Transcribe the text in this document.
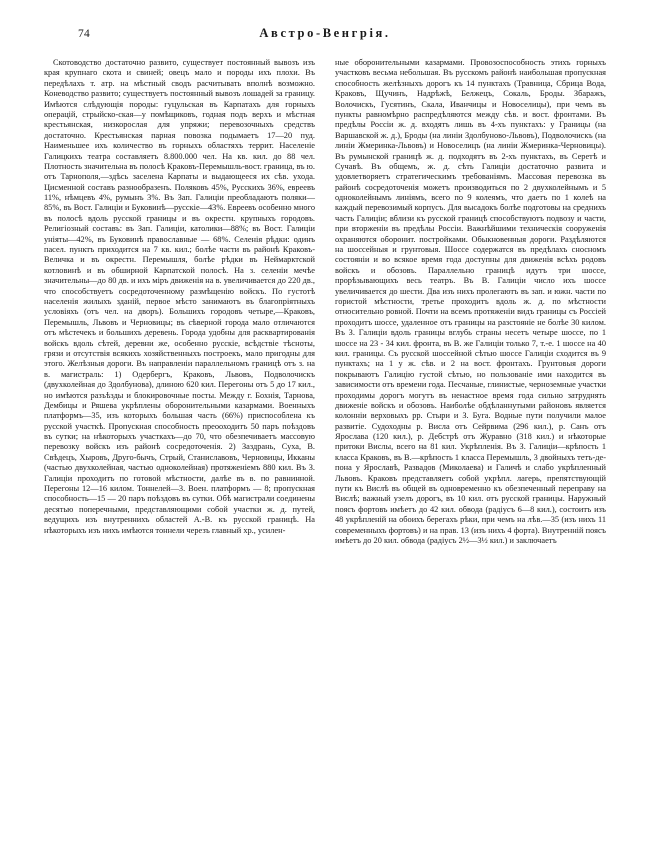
74	Австро-Венгрія.

Скотоводство достаточно развито, существует постоянный вывозъ изъ края крупнаго скота и свиней; овецъ мало и породы ихъ плохи. Въ передѣлахъ т. атр. на мѣстный сводъ расчитывать вполнѣ возможно. Коневодство развито; существуетъ постоянный вывозъ лошадей за границу. Имѣются слѣдующія породы: гуцульская въ Карпатахъ для горныхъ операцій, стрыйско-ская—у помѣщиковъ, годная подъ верхъ и мѣстная крестьянская, низкорослая для упряжи; перевозочныхъ средствъ достаточно. Крестьянская парная повозка подымаетъ 17—20 пуд. Наименьшее ихъ количество въ горныхъ областяхъ террит. Населеніе Галицкихъ театра составляетъ 8.800.000 чел. На кв. кил. до 88 чел. Плотность значительна въ полосѣ Краковъ-Перемышль-вост. граница, въ ю. отъ Тарнополя,—здѣсь заселена Карпаты и выдающееся их сѣв. ухода. Цисменной составъ разнообразенъ. Поляковъ 45%, Русскихъ 36%, евреевъ 11%, нѣмцевъ 4%, румынъ 3%. Въ Зап. Галиціи преобладаютъ поляки—85%, въ Вост. Галиціи и Буковинѣ—русскіе—43%. Евреевъ особенно много въ полосѣ вдоль русской границы и въ окрестн. крупныхъ городовъ. Религіозный составъ: въ Зап. Галиціи, католики—88%; въ Вост. Галиціи уніяты—42%, въ Буковинѣ православные — 68%. Селенія рѣдки: одинъ пасел. пунктъ приходится на 7 кв. кил.; болѣе части въ районѣ Краковъ-Величка и въ окрестн. Перемышля, болѣе рѣдки въ Неймарктской котловинѣ и въ обширной Карпатской полосѣ. На з. селеніи мечѣе значительны—до 80 дв. и ихъ міръ движенія на в. увеличивается до 220 дв., что способствуетъ сосредоточенному размѣщенію войскъ. По густотѣ населенія жилыхъ зданій, первое мѣсто занимаютъ въ благопріятныхъ условіяхъ (отъ чел. на дворъ). Большихъ городовъ четыре,—Краковъ, Перемышль, Львовъ и Черновицы; въ сѣверной города мало отличаются отъ мѣстечекъ и большихъ деревень. Города удобны для расквартированія войскъ вдоль сѣтей, деревни же, особенно русскіе, всѣдствіе тѣсноты, грязи и отсутствія всякихъ хозяйственныхъ построекъ, мало пригодны для этого. Желѣзныя дороги. Въ направленіи параллельномъ границѣ отъ з. на в. магистраль: 1) Одербергъ, Краковъ, Львовъ, Подволочискъ (двухколейная до Здолбунова), длиною 620 кил. Перегоны отъ 5 до 17 кил., но имѣются разъѣзды и блокировочные посты. Между г. Бохнія, Тарнова, Дембицы и Ряшева укрѣплены оборонительными казармами. Военныхъ платформъ—35, изъ которыхъ большая часть (66%) приспособлена къ русской участкѣ. Пропускная способность преооходитъ 50 паръ поѣздовъ въ сутки; на нѣкоторыхъ участкахъ—до 70, что обезпечиваетъ массовую перевозку войскъ изъ районѣ сосредоточенія. 2) Заздрань, Суха, В. Свѣдецъ, Хыровъ, Друго-бычъ, Стрый, Станиславовъ, Черновицы, Икканы (частью двухколейная, частью одноколейная) протяженіемъ 880 кил. Въ З. Галиціи проходитъ по готовой мѣстности, далѣе въ в. по равнинной. Перегоны 12—16 килом. Тоннелей—3. Воен. платформъ — 8; пропускная способность—15 — 20 паръ поѣздовъ въ сутки. Обѣ магистрали соединены десятью поперечными, представляющими собой участки ж. д. путей, ведущихъ изъ внутреннихъ областей А.-В. къ русской границѣ. На нѣкоторыхъ изъ нихъ имѣются тоннели черезъ главный хр., усилен-

ные оборонительными казармами. Провозоспособность этихъ горныхъ участковъ весьма небольшая. Въ русскомъ районѣ наибольшая пропускная способность желѣзныхъ дорогъ къ 14 пунктахъ (Травница, Сбрица Вода, Краковъ, Щучинъ, Надрѣжѣ, Белжецъ, Сокаль, Броды. Збаражъ, Волочискъ, Гусятинъ, Скала, Иванчицы и Новоселицы), при чемъ въ пункты равномѣрно распредѣляются между сѣв. и вост. фронтами. Въ предѣлы Россіи ж. д. входятъ лишь въ 4-хъ пунктахъ: у Границы (на Варшавской ж. д.), Броды (на линіи Здолбуново-Львовъ), Подволочискъ (на линіи Жмеринка-Львовъ) и Новоселицъ (на линіи Жмеринка-Черновицы). Въ румынской границѣ ж. д. подходятъ въ 2-хъ пунктахъ, въ Серетѣ и Сучавѣ. Въ общемъ, ж. д. сѣть Галиціи достаточно развита и удовлетворяетъ стратегическимъ требованіямъ. Массовая перевозка въ районѣ сосредоточенія можетъ производиться по 2 двухколейнымъ и 5 одноколейнымъ линіямъ, всего по 9 колеямъ, что даетъ по 1 колеѣ на каждый перевозимый корпусъ. Для высадокъ болѣе подготовы на среднихъ часть Галиціи; вблизи къ русской границѣ способствуютъ подвозу и части, при вторженіи въ предѣлы Россіи. Важнѣйшими техническія сооруженія охраняются оборонит. постройками. Обыкновенныя дороги. Раздѣляются на шоссейныя и грунтовыя. Шоссе содержатся въ предѣлахъ сносномъ состояніи и во всякое время года доступны для движенія всѣхъ родовъ войскъ и обозовъ. Параллельно границѣ идутъ три шоссе, прорѣзывающихъ весь театръ. Въ В. Галиціи число ихъ шоссе увеличивается до шести. Два изъ нихъ пролегаютъ въ зап. и южн. части по гористой мѣстности, третье проходитъ вдоль ж. д. по мѣстности относительно ровной. Почти на всемъ протяженіи видъ границы съ Россіей проходитъ шоссе, удаленное отъ границы на разстояніе не болѣе 30 килом. Въ З. Галиціи вдоль границы вглубь страны несетъ четыре шоссе, по 1 шоссе на 23 - 34 кил. фронта, въ В. же Галиціи только 7, т.-е. 1 шоссе на 40 кил. границы. Съ русской шоссейной сѣтью шоссе Галиціи сходится въ 9 пунктахъ; на 1 у ж. сѣв. и 2 на вост. фронтахъ. Грунтовыя дороги покрываютъ Галицію густой сѣтью, но пользованіе ими находится въ зависимости отъ времени года. Песчаные, глинистые, черноземные участки проходимы дорогъ могутъ въ ненастное время года сильно затруднять движеніе войскъ и обозовъ. Наиболѣе обдѣланнутыми районовъ является колонніи верховыхъ рр. Стыри и З. Буга. Водные пути получили малое развитіе. Судоходны р. Висла отъ Сейрвима (296 кил.), р. Санъ отъ Ярослава (120 кил.), р. Дебстрѣ отъ Журавно (318 кил.) и нѣкоторые притоки Вислы, всего на 81 кил. Укрѣпленія. Въ З. Галиціи—крѣпость 1 класса Краковъ, въ В.—крѣпость 1 класса Перемышль, 3 двойныхъ тетъ-де-пона у Ярославѣ, Развадов (Миколаева) и Галичѣ и слабо укрѣпленный Львовъ. Краковъ представляетъ собой укрѣпл. лагерь, препятствующій пути къ Вислѣ въ общей въ одновременно къ обезпеченный переправу на Вислѣ; важный узелъ дорогъ, въ 10 кил. отъ русской границы. Наружный поясъ фортовъ имѣетъ до 42 кил. обвода (радіусъ 6—8 кил.), состоитъ изъ 48 укрѣпленій на обоихъ берегахъ рѣки, при чемъ на лѣв.—35 (изъ нихъ 11 современныхъ фортовъ) и на прав. 13 (изъ нихъ 4 форта). Внутренній поясъ имѣетъ до 20 кил. обвода (радіусъ 2½—3½ кил.) и заключаетъ
